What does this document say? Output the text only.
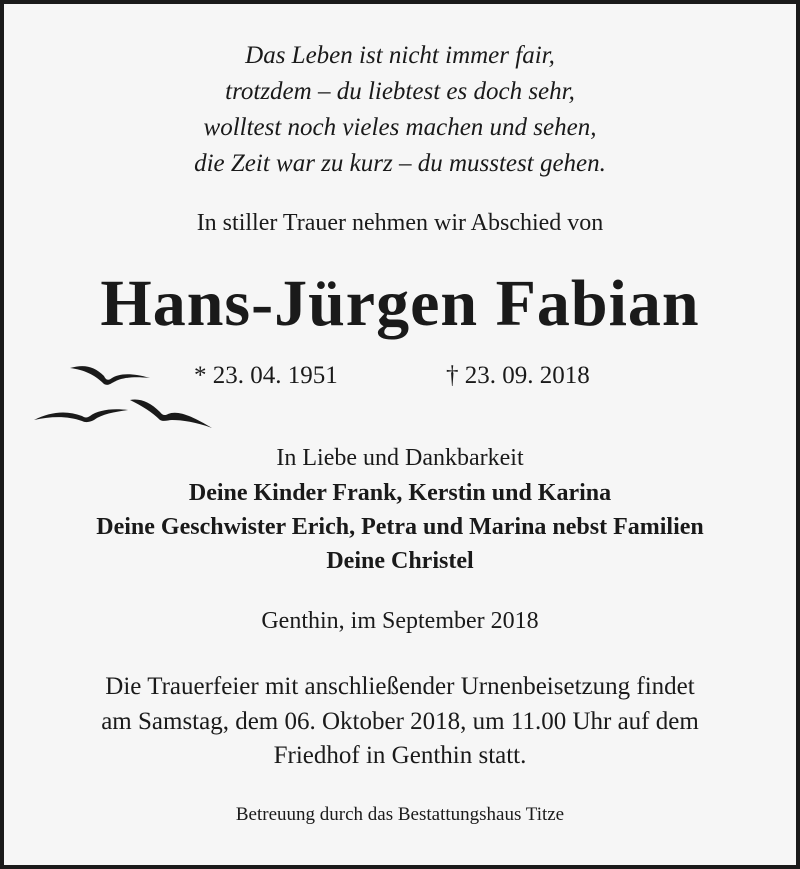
Das Leben ist nicht immer fair,

trotzdem – du liebtest es doch sehr,

wolltest noch vieles machen und sehen,

die Zeit war zu kurz – du musstest gehen.

In stiller Trauer nehmen wir Abschied von

Hans-Jürgen Fabian
* 23. 04. 1951	† 23. 09. 2018

In Liebe und Dankbarkeit

Deine Kinder Frank, Kerstin und Karina

Deine Geschwister Erich, Petra und Marina nebst Familien

Deine Christel

Genthin, im September 2018

Die Trauerfeier mit anschließender Urnenbeisetzung findet

am Samstag, dem 06. Oktober 2018, um 11.00 Uhr auf dem

Friedhof in Genthin statt.

Betreuung durch das Bestattungshaus Titze
